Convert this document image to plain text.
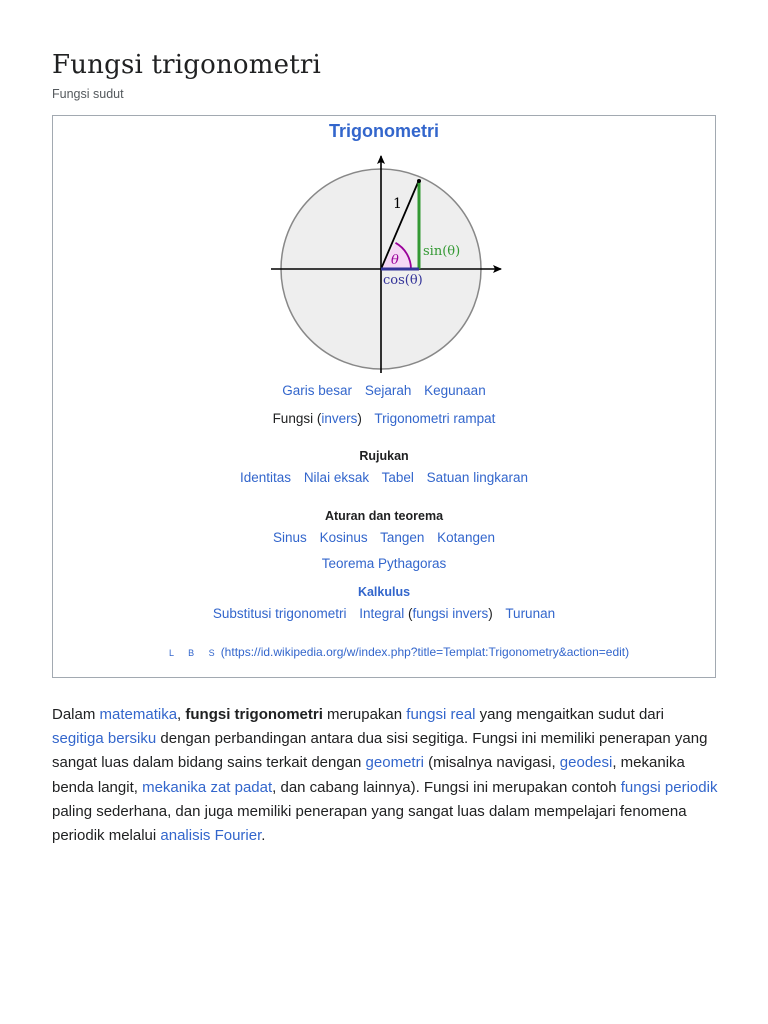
Fungsi trigonometri
Fungsi sudut
Trigonometri
1
θ
sin(θ)
cos(θ)
Garis besar Sejarah Kegunaan
Fungsi (invers) Trigonometri rampat
Rujukan
Identitas Nilai eksak Tabel Satuan lingkaran
Aturan dan teorema
Sinus Kosinus Tangen Kotangen
Teorema Pythagoras
Kalkulus
Substitusi trigonometri Integral (fungsi invers) Turunan
L B S(https://id.wikipedia.org/w/index.php?title=Templat:Trigonometry&action=edit)

Dalam matematika, fungsi trigonometri merupakan fungsi real yang mengaitkan sudut dari segitiga bersiku dengan perbandingan antara dua sisi segitiga. Fungsi ini memiliki penerapan yang sangat luas dalam bidang sains terkait dengan geometri (misalnya navigasi, geodesi, mekanika benda langit, mekanika zat padat, dan cabang lainnya). Fungsi ini merupakan contoh fungsi periodik paling sederhana, dan juga memiliki penerapan yang sangat luas dalam mempelajari fenomena periodik melalui analisis Fourier.
